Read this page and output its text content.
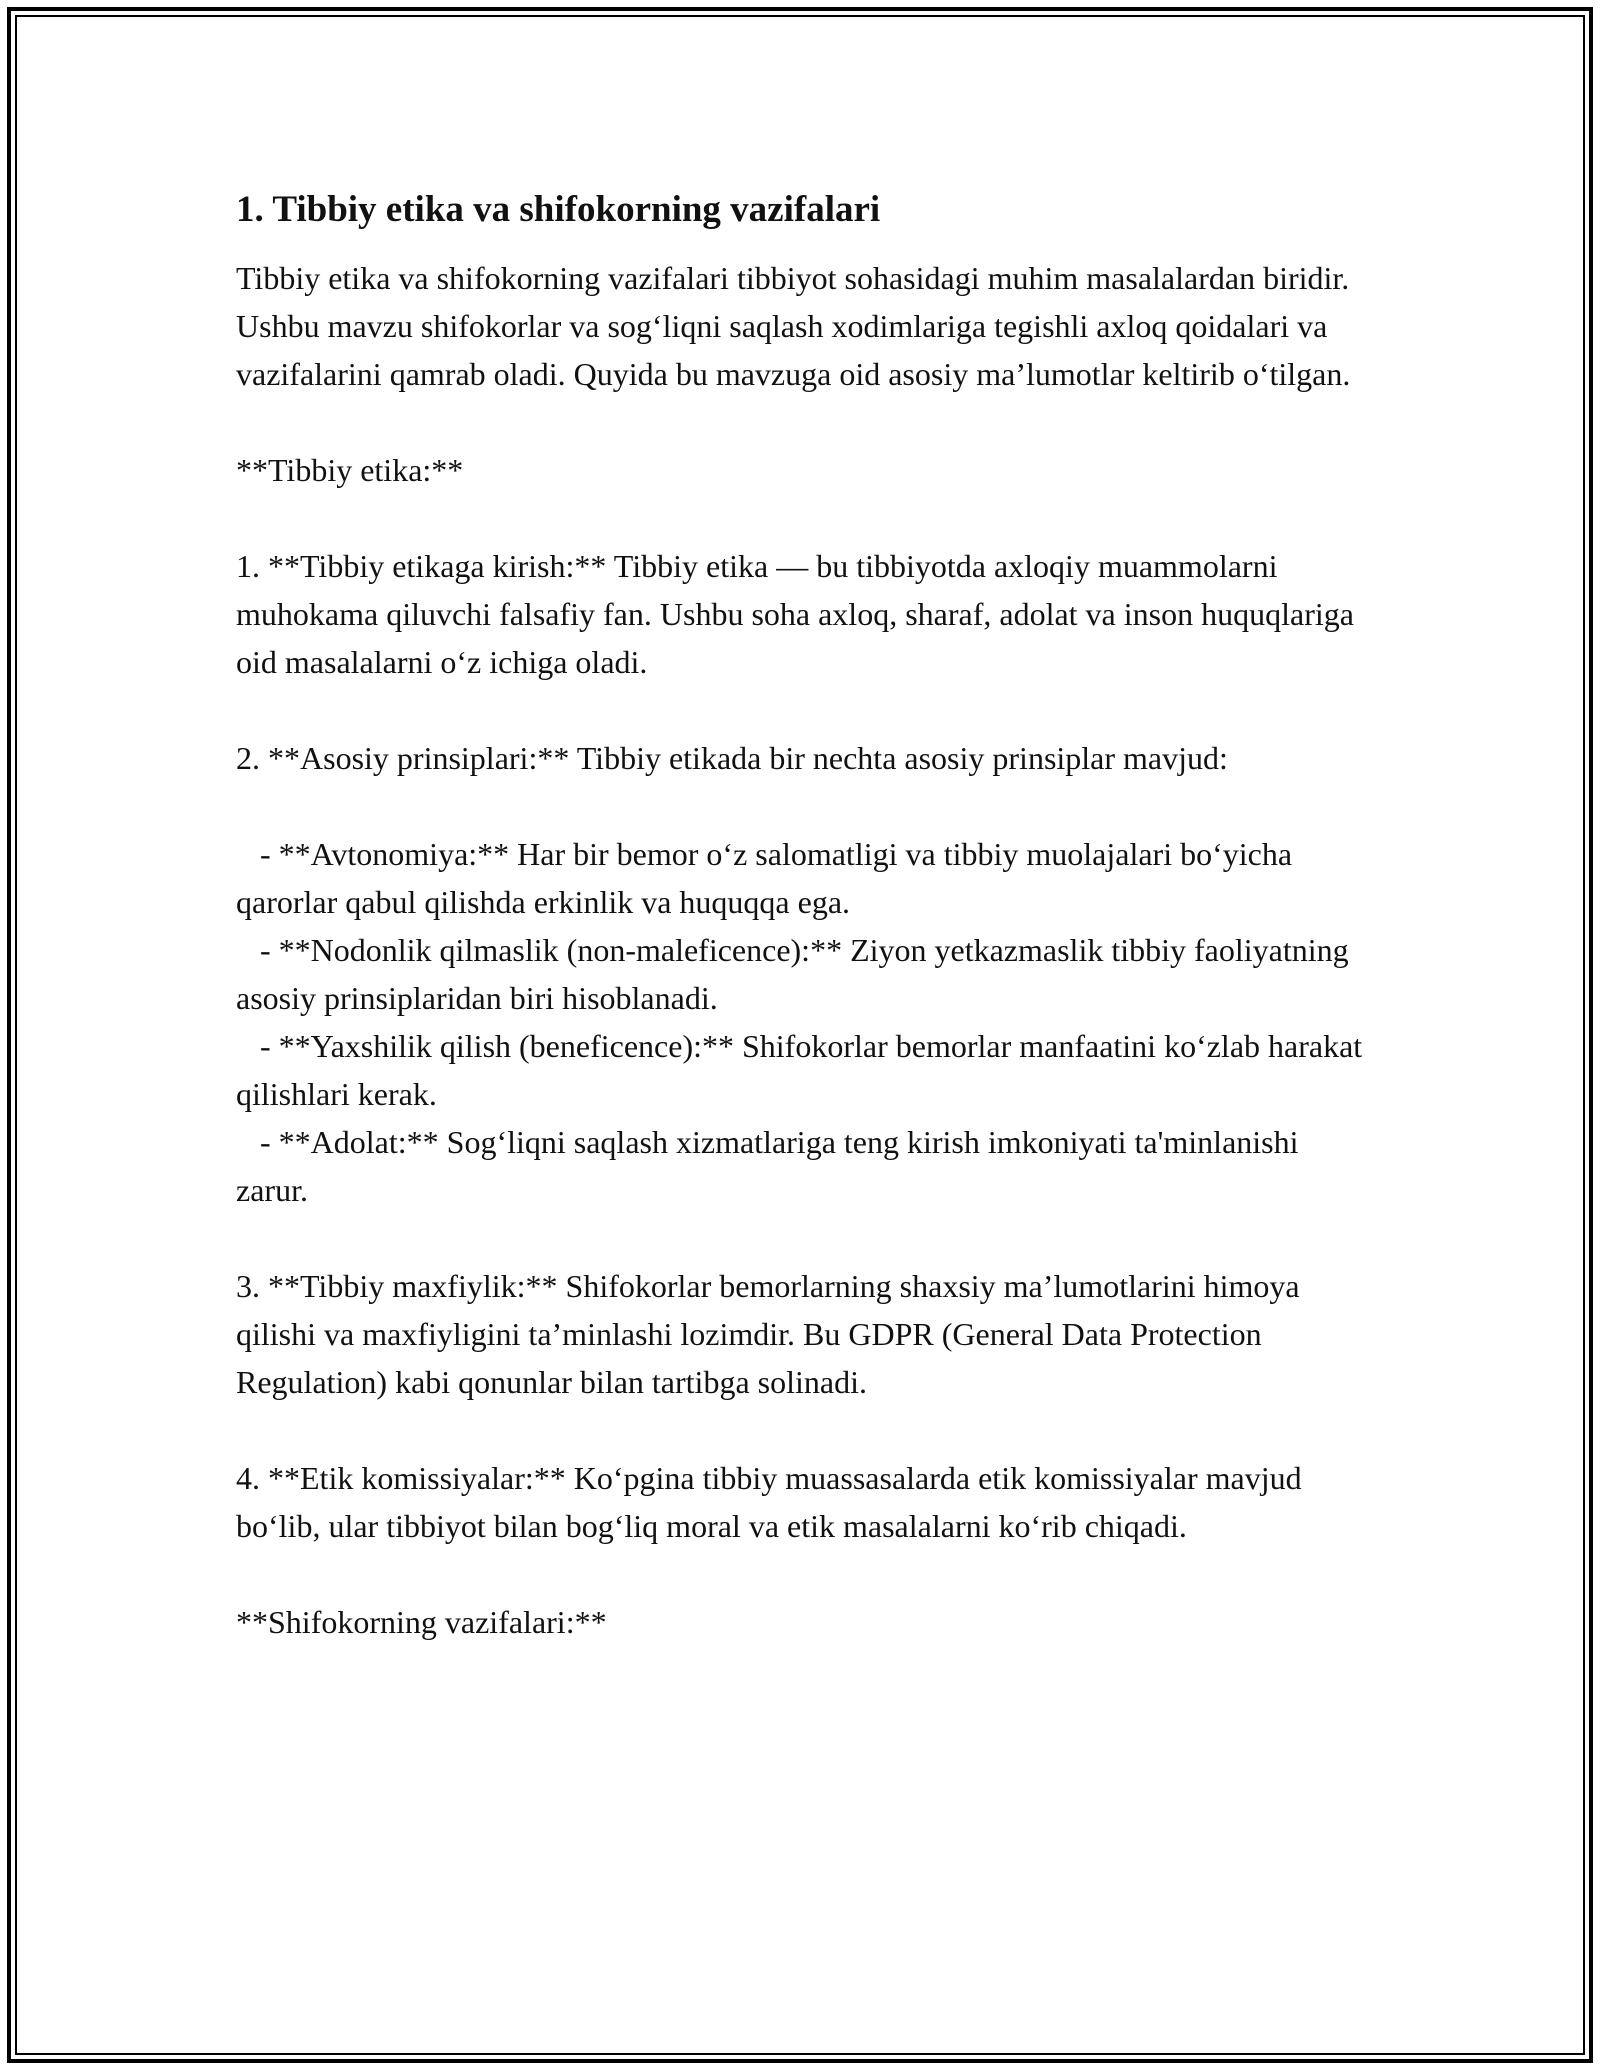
1. Tibbiy etika va shifokorning vazifalari

Tibbiy etika va shifokorning vazifalari tibbiyot sohasidagi muhim masalalardan biridir. Ushbu mavzu shifokorlar va sog‘liqni saqlash xodimlariga tegishli axloq qoidalari va vazifalarini qamrab oladi. Quyida bu mavzuga oid asosiy ma’lumotlar keltirib o‘tilgan.

**Tibbiy etika:**

1. **Tibbiy etikaga kirish:** Tibbiy etika — bu tibbiyotda axloqiy muammolarni muhokama qiluvchi falsafiy fan. Ushbu soha axloq, sharaf, adolat va inson huquqlariga oid masalalarni o‘z ichiga oladi.

2. **Asosiy prinsiplari:** Tibbiy etikada bir nechta asosiy prinsiplar mavjud:

- **Avtonomiya:** Har bir bemor o‘z salomatligi va tibbiy muolajalari bo‘yicha qarorlar qabul qilishda erkinlik va huquqqa ega.

- **Nodonlik qilmaslik (non-maleficence):** Ziyon yetkazmaslik tibbiy faoliyatning asosiy prinsiplaridan biri hisoblanadi.

- **Yaxshilik qilish (beneficence):** Shifokorlar bemorlar manfaatini ko‘zlab harakat qilishlari kerak.

- **Adolat:** Sog‘liqni saqlash xizmatlariga teng kirish imkoniyati ta'minlanishi zarur.

3. **Tibbiy maxfiylik:** Shifokorlar bemorlarning shaxsiy ma’lumotlarini himoya qilishi va maxfiyligini ta’minlashi lozimdir. Bu GDPR (General Data Protection Regulation) kabi qonunlar bilan tartibga solinadi.

4. **Etik komissiyalar:** Ko‘pgina tibbiy muassasalarda etik komissiyalar mavjud bo‘lib, ular tibbiyot bilan bog‘liq moral va etik masalalarni ko‘rib chiqadi.

**Shifokorning vazifalari:**
